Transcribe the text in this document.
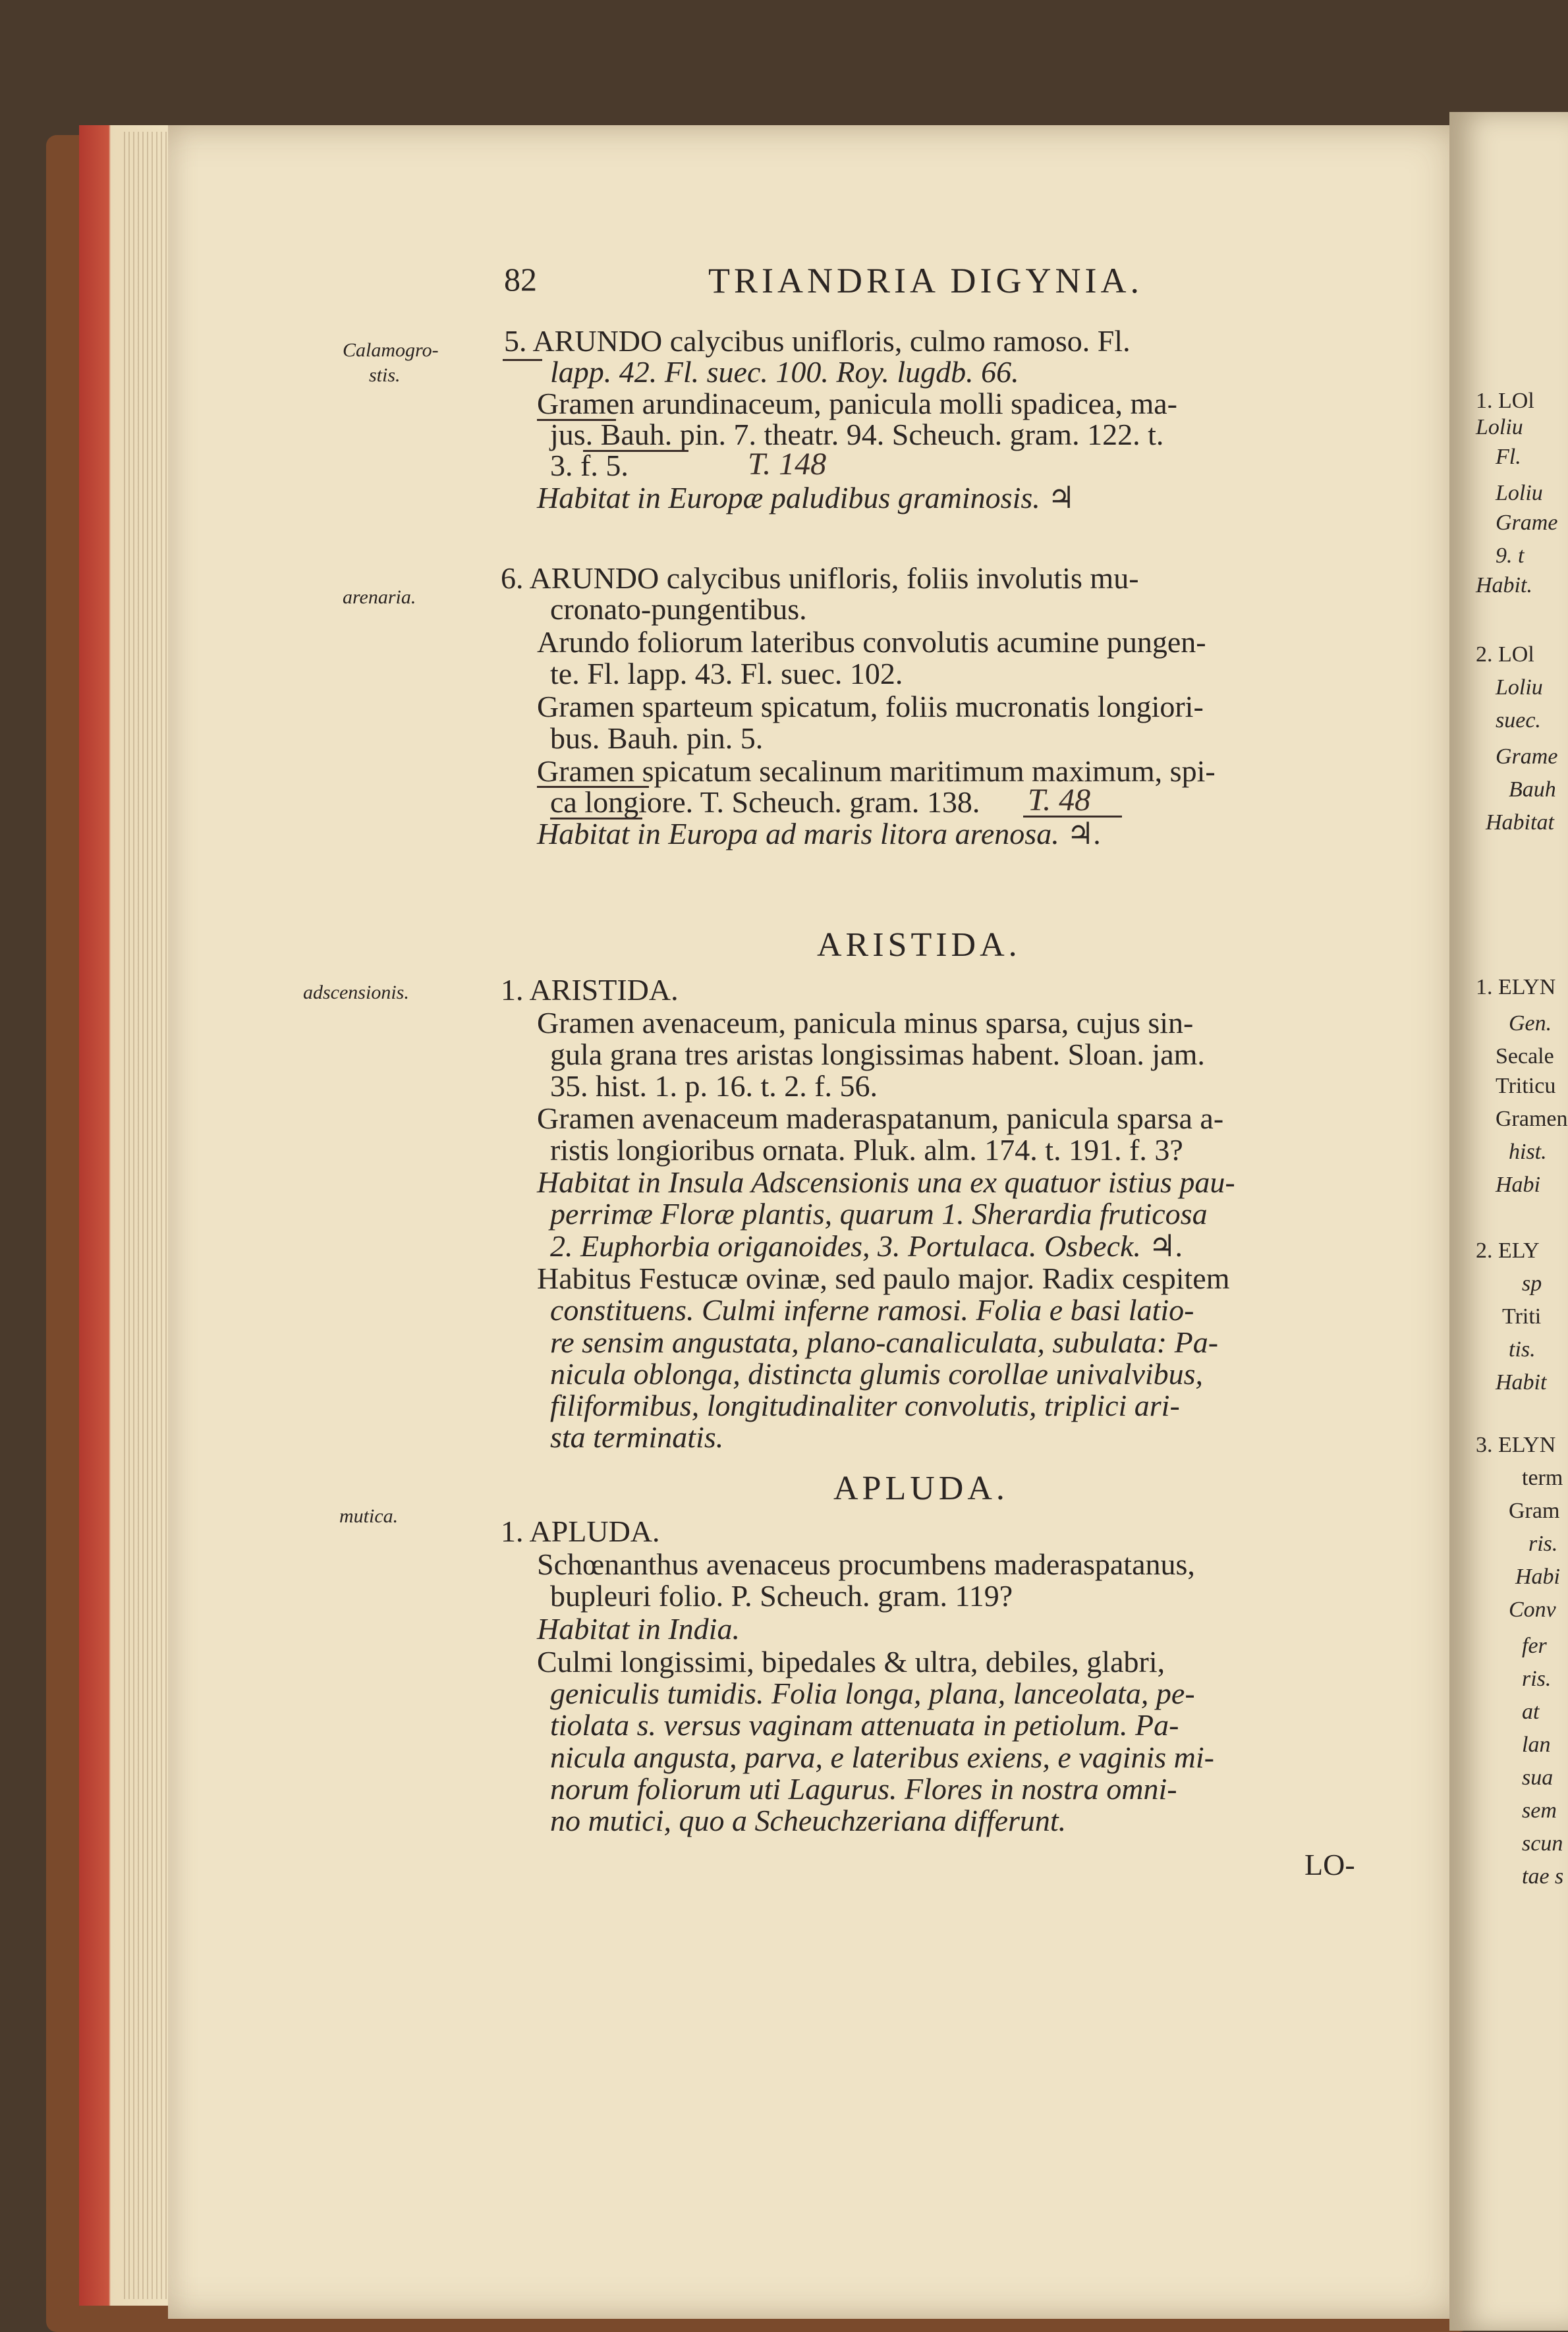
82	TRIANDRIA DIGYNIA.
Calamogro-
stis.
arenaria.
adscensionis.
mutica.
5. ARUNDO calycibus unifloris, culmo ramoso. Fl.
lapp. 42. Fl. suec. 100. Roy. lugdb. 66.
Gramen arundinaceum, panicula molli spadicea, ma-
jus. Bauh. pin. 7. theatr. 94. Scheuch. gram. 122. t.
3. f. 5.	T. 148
Habitat in Europæ paludibus graminosis. ♃
6. ARUNDO calycibus unifloris, foliis involutis mu-
cronato-pungentibus.
Arundo foliorum lateribus convolutis acumine pungen-
te. Fl. lapp. 43. Fl. suec. 102.
Gramen sparteum spicatum, foliis mucronatis longiori-
bus. Bauh. pin. 5.
Gramen spicatum secalinum maritimum maximum, spi-
ca longiore. T. Scheuch. gram. 138. T. 48
Habitat in Europa ad maris litora arenosa. ♃.
ARISTIDA.
1. ARISTIDA.
Gramen avenaceum, panicula minus sparsa, cujus sin-
gula grana tres aristas longissimas habent. Sloan. jam.
35. hist. 1. p. 16. t. 2. f. 56.
Gramen avenaceum maderaspatanum, panicula sparsa a-
ristis longioribus ornata. Pluk. alm. 174. t. 191. f. 3?
Habitat in Insula Adscensionis una ex quatuor istius pau-
perrimæ Floræ plantis, quarum 1. Sherardia fruticosa
2. Euphorbia origanoides, 3. Portulaca. Osbeck. ♃.
Habitus Festucæ ovinæ, sed paulo major. Radix cespitem
constituens. Culmi inferne ramosi. Folia e basi latio-
re sensim angustata, plano-canaliculata, subulata: Pa-
nicula oblonga, distincta glumis corollae univalvibus,
filiformibus, longitudinaliter convolutis, triplici ari-
sta terminatis.
APLUDA.
1. APLUDA.
Schœnanthus avenaceus procumbens maderaspatanus,
bupleuri folio. P. Scheuch. gram. 119?
Habitat in India.
Culmi longissimi, bipedales & ultra, debiles, glabri,
geniculis tumidis. Folia longa, plana, lanceolata, pe-
tiolata s. versus vaginam attenuata in petiolum. Pa-
nicula angusta, parva, e lateribus exiens, e vaginis mi-
norum foliorum uti Lagurus. Flores in nostra omni-
no mutici, quo a Scheuchzeriana differunt.
LO-
1. LOl
Loliu
Fl.
Loliu
Grame
9. t
Habit.
2. LOl
Loliu
suec.
Grame
Bauh
Habitat
1. ELYN
Gen.
Secale
Triticu
Gramen
hist.
Habi
2. ELY
sp
Triti
tis.
Habit
3. ELYN
term
Gram
ris.
Habi
Conv
fer
ris.
at
lan
sua
sem
scun
tae s
